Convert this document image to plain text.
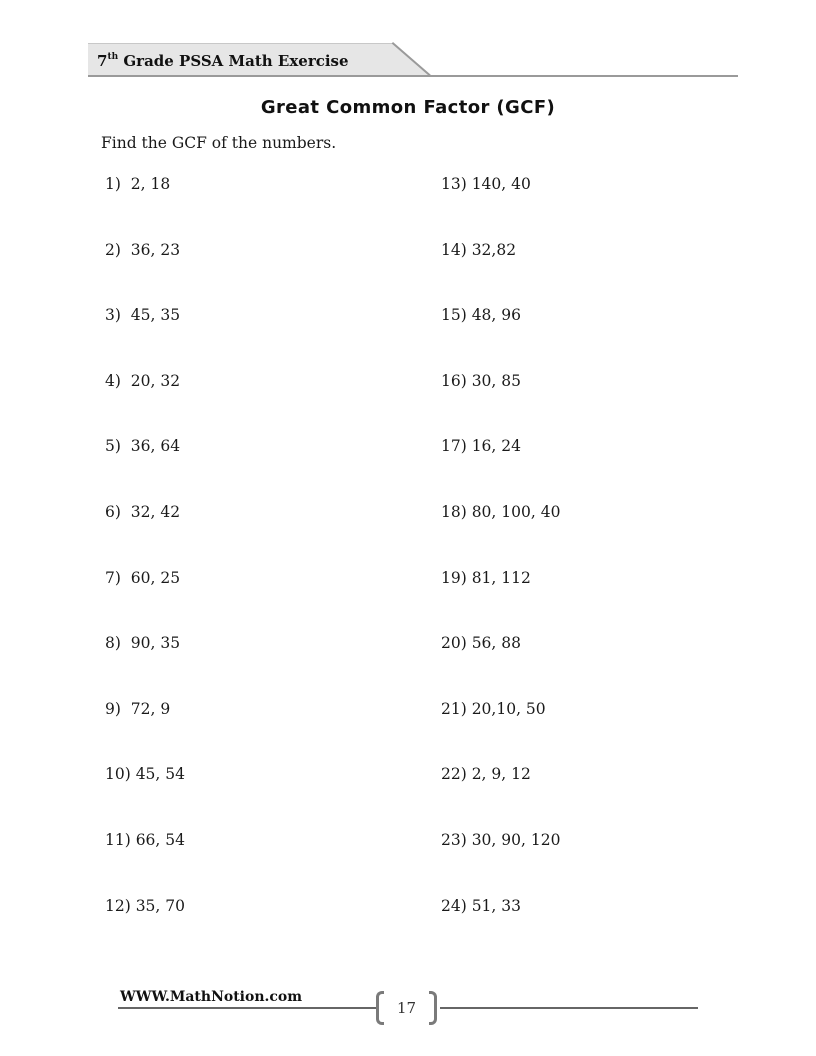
7th Grade PSSA Math Exercise
Great Common Factor (GCF)
Find the GCF of the numbers.
1)  2, 18
2)  36, 23
3)  45, 35
4)  20, 32
5)  36, 64
6)  32, 42
7)  60, 25
8)  90, 35
9)  72, 9
10) 45, 54
11) 66, 54
12) 35, 70
13) 140, 40
14) 32,82
15) 48, 96
16) 30, 85
17) 16, 24
18) 80, 100, 40
19) 81, 112
20) 56, 88
21) 20,10, 50
22) 2, 9, 12
23) 30, 90, 120
24) 51, 33
WWW.MathNotion.com
17
